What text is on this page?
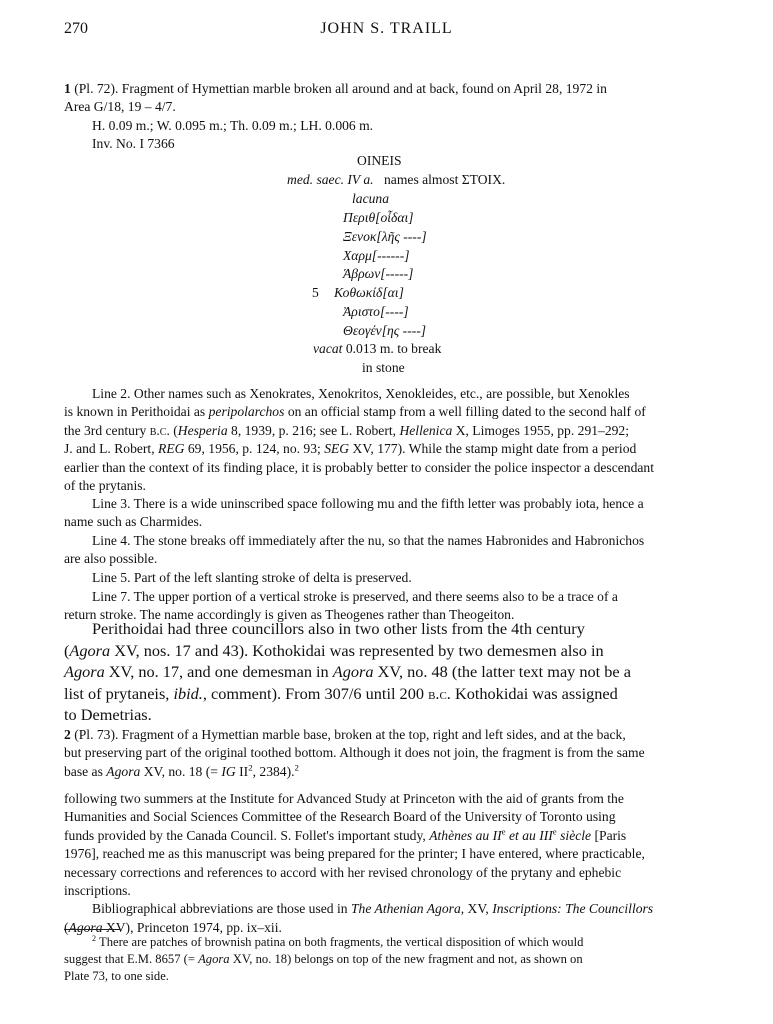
270	JOHN S. TRAILL

1 (Pl. 72). Fragment of Hymettian marble broken all around and at back, found on April 28, 1972 in

Area G/18, 19 – 4/7.

H. 0.09 m.; W. 0.095 m.; Th. 0.09 m.; LH. 0.006 m.
Inv. No. I 7366
OINEIS
med. saec. IV a. names almost ΣTOIX.
lacuna
Περιθ[οἶδαι]
Ξενοκ[λῆς ----]
Χαρμ[------]
Ἁβρων[-----]
5 Κοθωκίδ[αι]
Ἀριστο[----]
Θεογέν[ης ----]
vacat 0.013 m. to break
in stone

Line 2. Other names such as Xenokrates, Xenokritos, Xenokleides, etc., are possible, but Xenokles

is known in Perithoidai as peripolarchos on an official stamp from a well filling dated to the second half of

the 3rd century b.c. (Hesperia 8, 1939, p. 216; see L. Robert, Hellenica X, Limoges 1955, pp. 291–292;

J. and L. Robert, REG 69, 1956, p. 124, no. 93; SEG XV, 177). While the stamp might date from a period

earlier than the context of its finding place, it is probably better to consider the police inspector a descendant

of the prytanis.

Line 3. There is a wide uninscribed space following mu and the fifth letter was probably iota, hence a

name such as Charmides.

Line 4. The stone breaks off immediately after the nu, so that the names Habronides and Habronichos

are also possible.

Line 5. Part of the left slanting stroke of delta is preserved.

Line 7. The upper portion of a vertical stroke is preserved, and there seems also to be a trace of a

return stroke. The name accordingly is given as Theogenes rather than Theogeiton.

Perithoidai had three councillors also in two other lists from the 4th century

(Agora XV, nos. 17 and 43). Kothokidai was represented by two demesmen also in

Agora XV, no. 17, and one demesman in Agora XV, no. 48 (the latter text may not be a

list of prytaneis, ibid., comment). From 307/6 until 200 b.c. Kothokidai was assigned

to Demetrias.

2 (Pl. 73). Fragment of a Hymettian marble base, broken at the top, right and left sides, and at the back,

but preserving part of the original toothed bottom. Although it does not join, the fragment is from the same

base as Agora XV, no. 18 (= IG $II^2$, 2384).$^2$

following two summers at the Institute for Advanced Study at Princeton with the aid of grants from the

Humanities and Social Sciences Committee of the Research Board of the University of Toronto using

funds provided by the Canada Council. S. Follet's important study, Athènes au IIe et au IIIe siècle [Paris

1976], reached me as this manuscript was being prepared for the printer; I have entered, where practicable,

necessary corrections and references to accord with her revised chronology of the prytany and ephebic

inscriptions.

Bibliographical abbreviations are those used in The Athenian Agora, XV, Inscriptions: The Councillors

(Agora XV), Princeton 1974, pp. ix–xii.

$^2$ There are patches of brownish patina on both fragments, the vertical disposition of which would

suggest that E.M. 8657 (= Agora XV, no. 18) belongs on top of the new fragment and not, as shown on

Plate 73, to one side.
